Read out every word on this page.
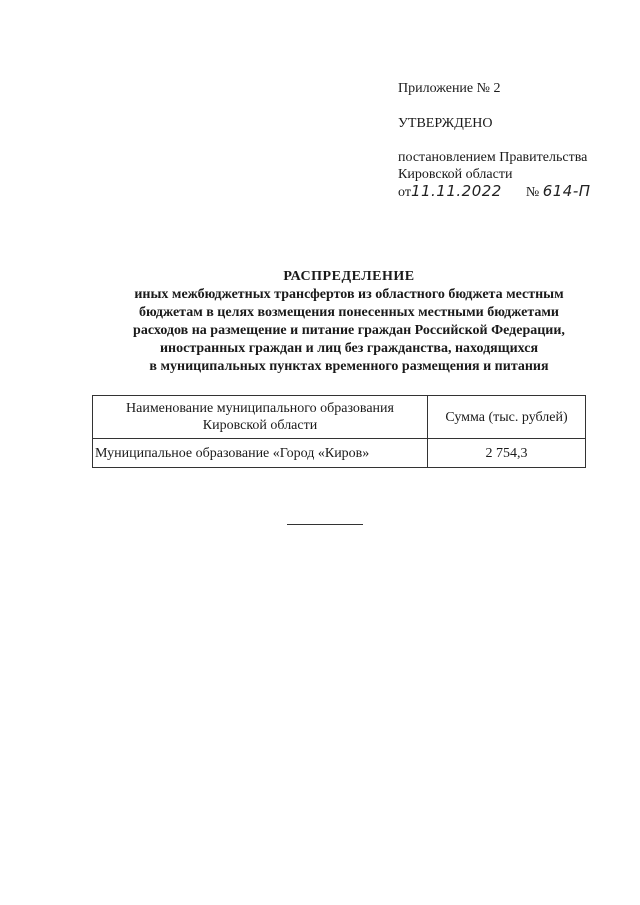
Приложение № 2
УТВЕРЖДЕНО
постановлением Правительства
Кировской области
от 11.11.2022 № 614-П
РАСПРЕДЕЛЕНИЕ
иных межбюджетных трансфертов из областного бюджета местным
бюджетам в целях возмещения понесенных местными бюджетами
расходов на размещение и питание граждан Российской Федерации,
иностранных граждан и лиц без гражданства, находящихся
в муниципальных пунктах временного размещения и питания
Наименование муниципального образования Кировской области	Сумма (тыс. рублей)
Муниципальное образование «Город «Киров»	2 754,3
